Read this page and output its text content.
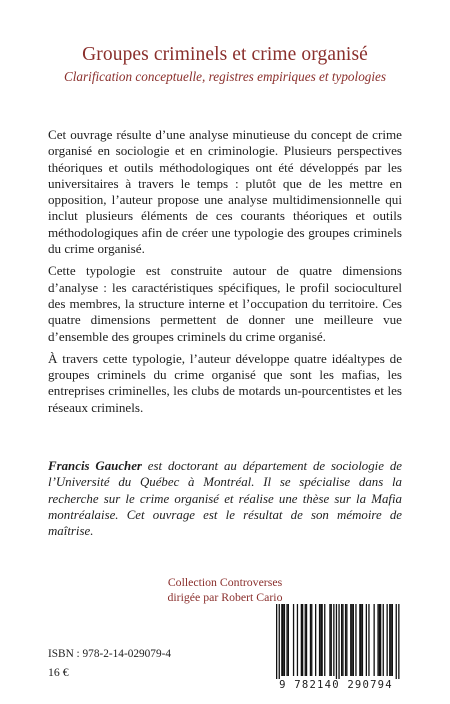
Groupes criminels et crime organisé
Clarification conceptuelle, registres empiriques et typologies

Cet ouvrage résulte d’une analyse minutieuse du concept de crime organisé en sociologie et en criminologie. Plusieurs perspectives théoriques et outils méthodologiques ont été développés par les universitaires à travers le temps : plutôt que de les mettre en opposition, l’auteur propose une analyse multidimensionnelle qui inclut plusieurs éléments de ces courants théoriques et outils méthodologiques afin de créer une typologie des groupes criminels du crime organisé.

Cette typologie est construite autour de quatre dimensions d’analyse : les caractéristiques spécifiques, le profil socioculturel des membres, la structure interne et l’occupation du territoire. Ces quatre dimensions permettent de donner une meilleure vue d’ensemble des groupes criminels du crime organisé.

À travers cette typologie, l’auteur développe quatre idéaltypes de groupes criminels du crime organisé que sont les mafias, les entreprises criminelles, les clubs de motards un-pourcentistes et les réseaux criminels.

Francis Gaucher est doctorant au département de sociologie de l’Université du Québec à Montréal. Il se spécialise dans la recherche sur le crime organisé et réalise une thèse sur la Mafia montréalaise. Cet ouvrage est le résultat de son mémoire de maîtrise.
Collection Controverses
dirigée par Robert Cario
ISBN : 978-2-14-029079-4
16 €
9 782140 290794
